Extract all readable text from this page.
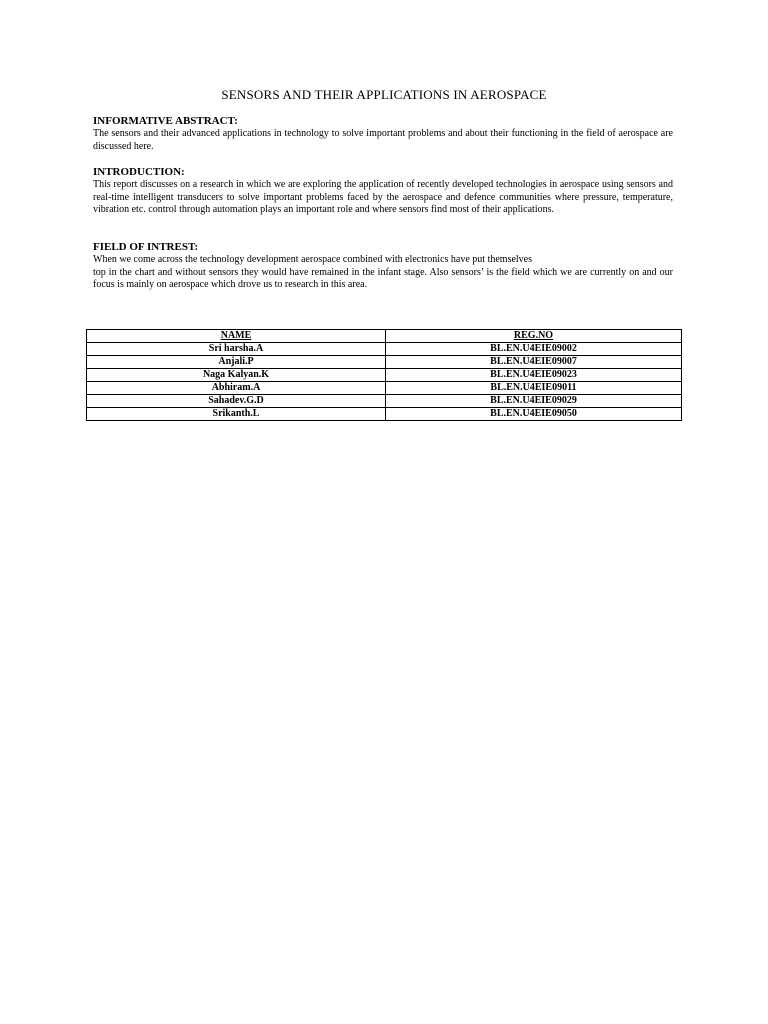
SENSORS AND THEIR APPLICATIONS IN AEROSPACE
INFORMATIVE ABSTRACT:
The sensors and their advanced applications in technology to solve important problems and about their functioning in the field of aerospace are discussed here.
INTRODUCTION:
This report discusses on a research in which we are exploring the application of recently developed technologies in aerospace using sensors and real-time intelligent transducers to solve important problems faced by the aerospace and defence communities where pressure, temperature, vibration etc. control through automation plays an important role and where sensors find most of their applications.
FIELD OF INTREST:
When we come across the technology development aerospace combined with electronics have put themselves
top in the chart and without sensors they would have remained in the infant stage. Also sensors’ is the field which we are currently on and our focus is mainly on aerospace which drove us to research in this area.
NAME	REG.NO
Sri harsha.A	BL.EN.U4EIE09002
Anjali.P	BL.EN.U4EIE09007
Naga Kalyan.K	BL.EN.U4EIE09023
Abhiram.A	BL.EN.U4EIE09011
Sahadev.G.D	BL.EN.U4EIE09029
Srikanth.L	BL.EN.U4EIE09050
